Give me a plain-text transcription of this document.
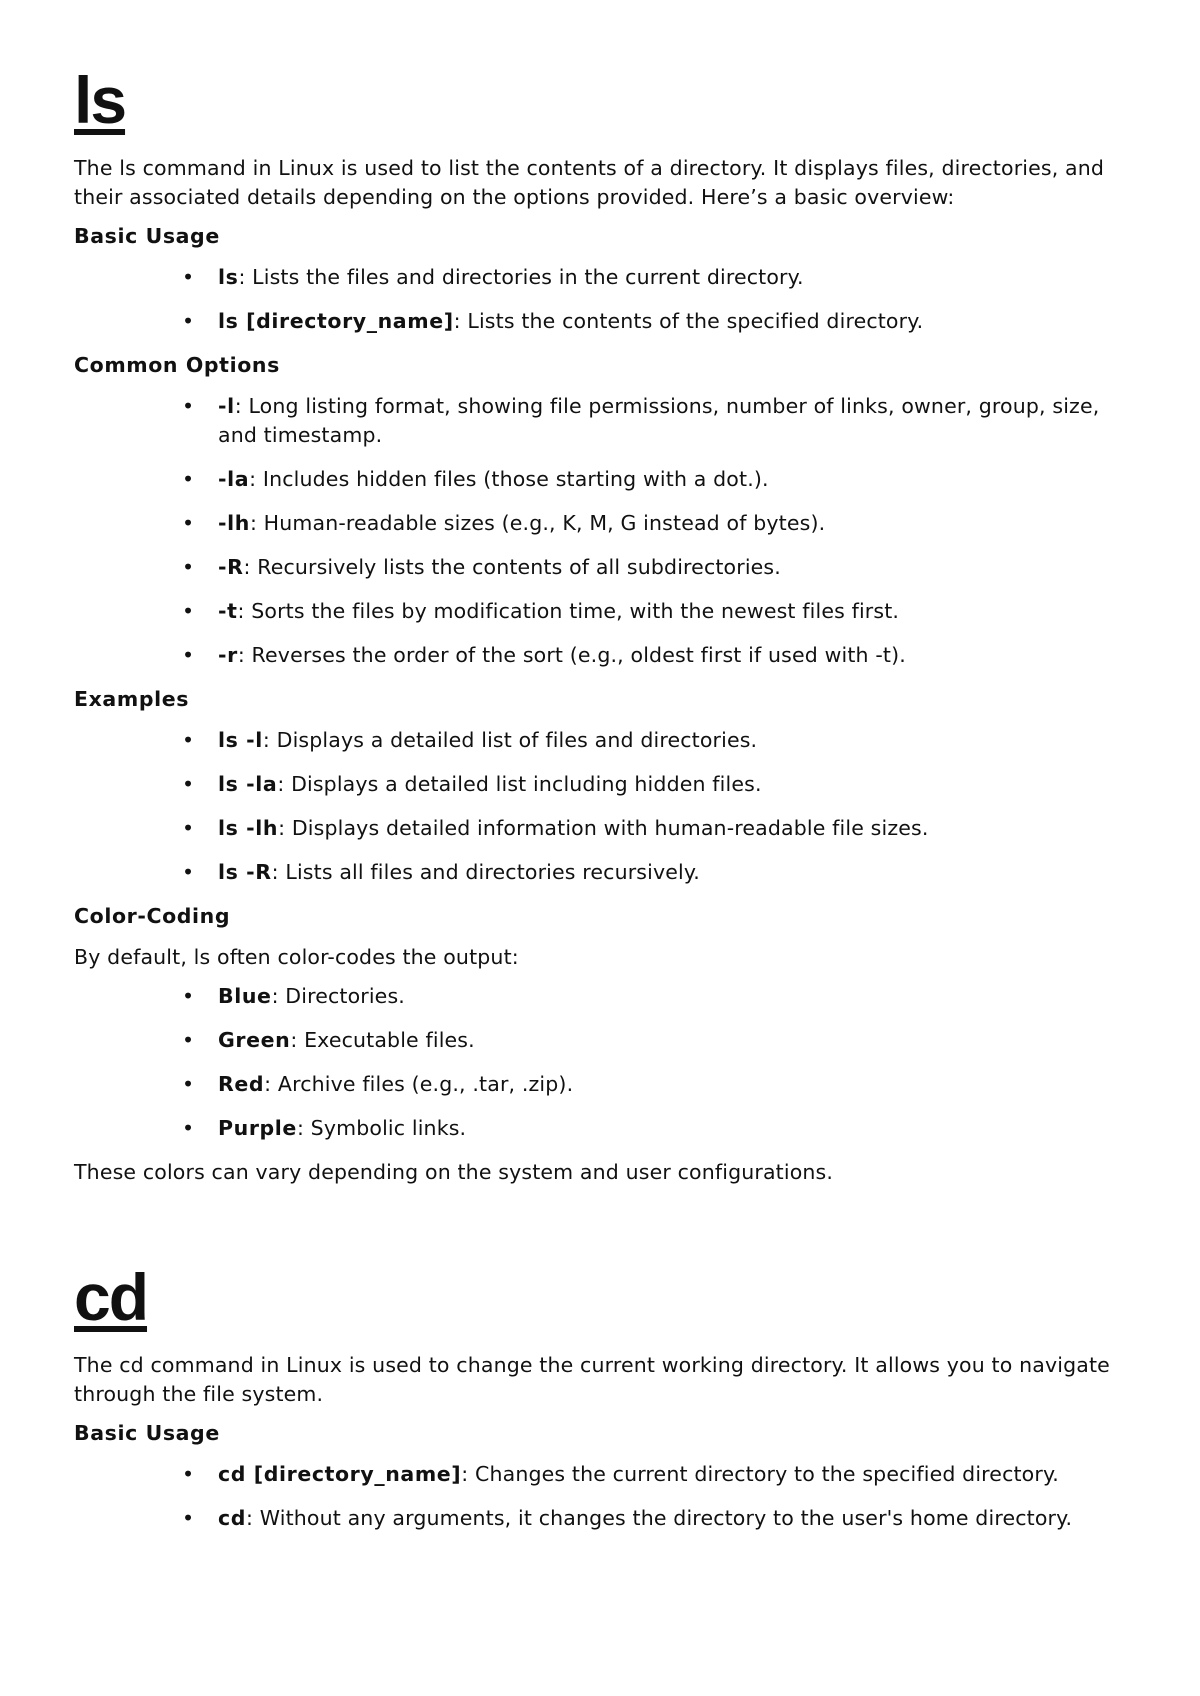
ls

The ls command in Linux is used to list the contents of a directory. It displays files, directories, and their associated details depending on the options provided. Here’s a basic overview:

Basic Usage
• ls: Lists the files and directories in the current directory.
• ls [directory_name]: Lists the contents of the specified directory.
Common Options
• -l: Long listing format, showing file permissions, number of links, owner, group, size, and timestamp.
• -la: Includes hidden files (those starting with a dot.).
• -lh: Human-readable sizes (e.g., K, M, G instead of bytes).
• -R: Recursively lists the contents of all subdirectories.
• -t: Sorts the files by modification time, with the newest files first.
• -r: Reverses the order of the sort (e.g., oldest first if used with -t).
Examples
• ls -l: Displays a detailed list of files and directories.
• ls -la: Displays a detailed list including hidden files.
• ls -lh: Displays detailed information with human-readable file sizes.
• ls -R: Lists all files and directories recursively.
Color-Coding

By default, ls often color-codes the output:

• Blue: Directories.
• Green: Executable files.
• Red: Archive files (e.g., .tar, .zip).
• Purple: Symbolic links.

These colors can vary depending on the system and user configurations.

cd

The cd command in Linux is used to change the current working directory. It allows you to navigate through the file system.

Basic Usage
• cd [directory_name]: Changes the current directory to the specified directory.
• cd: Without any arguments, it changes the directory to the user's home directory.
